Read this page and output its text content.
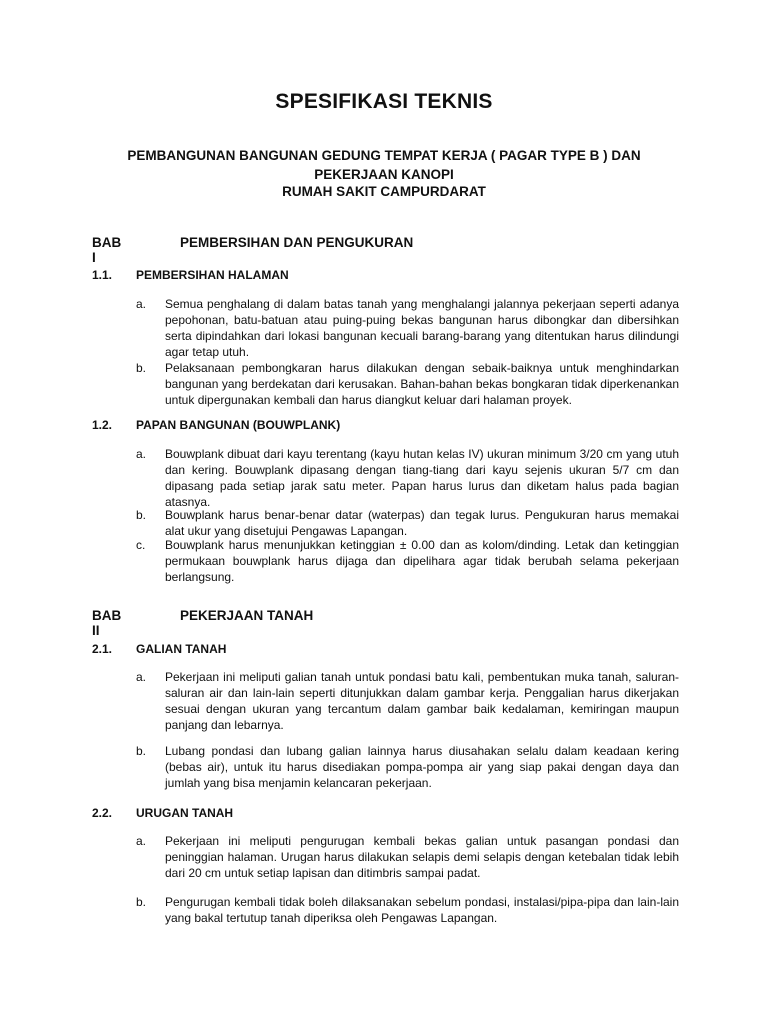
SPESIFIKASI TEKNIS
PEMBANGUNAN BANGUNAN GEDUNG TEMPAT KERJA ( PAGAR TYPE B ) DAN
PEKERJAAN KANOPI
RUMAH SAKIT CAMPURDARAT
BAB I
PEMBERSIHAN DAN PENGUKURAN
1.1. PEMBERSIHAN HALAMAN
a. Semua penghalang di dalam batas tanah yang menghalangi jalannya pekerjaan seperti adanya pepohonan, batu-batuan atau puing-puing bekas bangunan harus dibongkar dan dibersihkan serta dipindahkan dari lokasi bangunan kecuali barang-barang yang ditentukan harus dilindungi agar tetap utuh.
b. Pelaksanaan pembongkaran harus dilakukan dengan sebaik-baiknya untuk menghindarkan bangunan yang berdekatan dari kerusakan. Bahan-bahan bekas bongkaran tidak diperkenankan untuk dipergunakan kembali dan harus diangkut keluar dari halaman proyek.
1.2. PAPAN BANGUNAN (BOUWPLANK)
a. Bouwplank dibuat dari kayu terentang (kayu hutan kelas IV) ukuran minimum 3/20 cm yang utuh dan kering. Bouwplank dipasang dengan tiang-tiang dari kayu sejenis ukuran 5/7 cm dan dipasang pada setiap jarak satu meter. Papan harus lurus dan diketam halus pada bagian atasnya.
b. Bouwplank harus benar-benar datar (waterpas) dan tegak lurus. Pengukuran harus memakai alat ukur yang disetujui Pengawas Lapangan.
c. Bouwplank harus menunjukkan ketinggian ± 0.00 dan as kolom/dinding. Letak dan ketinggian permukaan bouwplank harus dijaga dan dipelihara agar tidak berubah selama pekerjaan berlangsung.
BAB II
PEKERJAAN TANAH
2.1. GALIAN TANAH
a. Pekerjaan ini meliputi galian tanah untuk pondasi batu kali, pembentukan muka tanah, saluran-saluran air dan lain-lain seperti ditunjukkan dalam gambar kerja. Penggalian harus dikerjakan sesuai dengan ukuran yang tercantum dalam gambar baik kedalaman, kemiringan maupun panjang dan lebarnya.
b. Lubang pondasi dan lubang galian lainnya harus diusahakan selalu dalam keadaan kering (bebas air), untuk itu harus disediakan pompa-pompa air yang siap pakai dengan daya dan jumlah yang bisa menjamin kelancaran pekerjaan.
2.2. URUGAN TANAH
a. Pekerjaan ini meliputi pengurugan kembali bekas galian untuk pasangan pondasi dan peninggian halaman. Urugan harus dilakukan selapis demi selapis dengan ketebalan tidak lebih dari 20 cm untuk setiap lapisan dan ditimbris sampai padat.
b. Pengurugan kembali tidak boleh dilaksanakan sebelum pondasi, instalasi/pipa-pipa dan lain-lain yang bakal tertutup tanah diperiksa oleh Pengawas Lapangan.
